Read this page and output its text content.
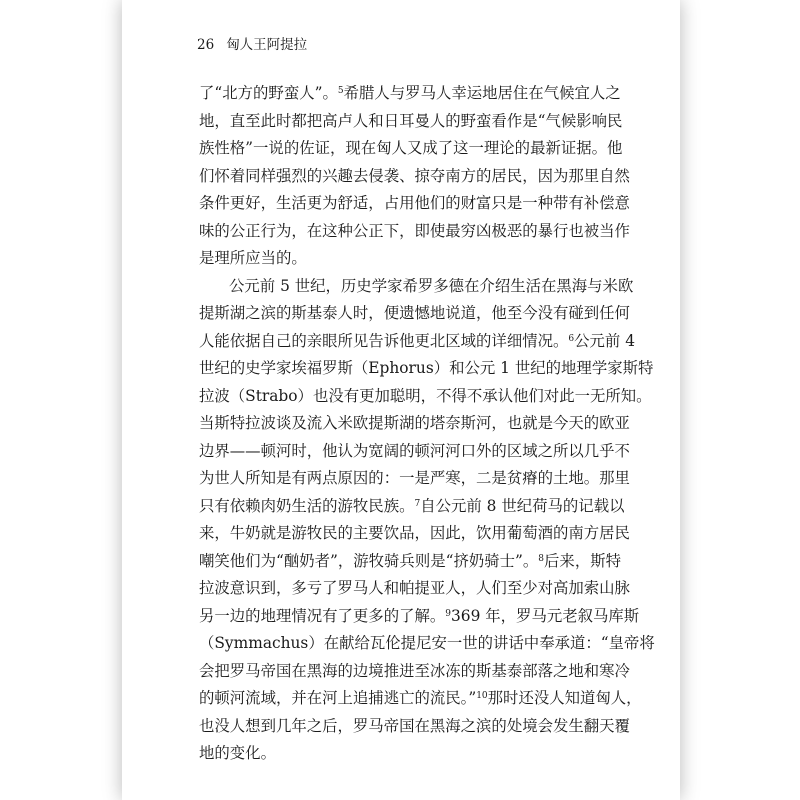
26 匈人王阿提拉
了“北方的野蛮人”。$^5$希腊人与罗马人幸运地居住在气候宜人之
地，直至此时都把高卢人和日耳曼人的野蛮看作是“气候影响民
族性格”一说的佐证，现在匈人又成了这一理论的最新证据。他
们怀着同样强烈的兴趣去侵袭、掠夺南方的居民，因为那里自然
条件更好，生活更为舒适，占用他们的财富只是一种带有补偿意
味的公正行为，在这种公正下，即使最穷凶极恶的暴行也被当作
是理所应当的。
公元前 5 世纪，历史学家希罗多德在介绍生活在黑海与米欧
提斯湖之滨的斯基泰人时，便遗憾地说道，他至今没有碰到任何
人能依据自己的亲眼所见告诉他更北区域的详细情况。$^6$公元前 4
世纪的史学家埃福罗斯（Ephorus）和公元 1 世纪的地理学家斯特
拉波（Strabo）也没有更加聪明，不得不承认他们对此一无所知。
当斯特拉波谈及流入米欧提斯湖的塔奈斯河，也就是今天的欧亚
边界——顿河时，他认为宽阔的顿河河口外的区域之所以几乎不
为世人所知是有两点原因的：一是严寒，二是贫瘠的土地。那里
只有依赖肉奶生活的游牧民族。$^7$自公元前 8 世纪荷马的记载以
来，牛奶就是游牧民的主要饮品，因此，饮用葡萄酒的南方居民
嘲笑他们为“酗奶者”，游牧骑兵则是“挤奶骑士”。$^8$后来，斯特
拉波意识到，多亏了罗马人和帕提亚人，人们至少对高加索山脉
另一边的地理情况有了更多的了解。$^9$369 年，罗马元老叙马库斯
（Symmachus）在献给瓦伦提尼安一世的讲话中奉承道：“皇帝将
会把罗马帝国在黑海的边境推进至冰冻的斯基泰部落之地和寒冷
的顿河流域，并在河上追捕逃亡的流民。”$^{10}$那时还没人知道匈人，
也没人想到几年之后，罗马帝国在黑海之滨的处境会发生翻天覆
地的变化。
